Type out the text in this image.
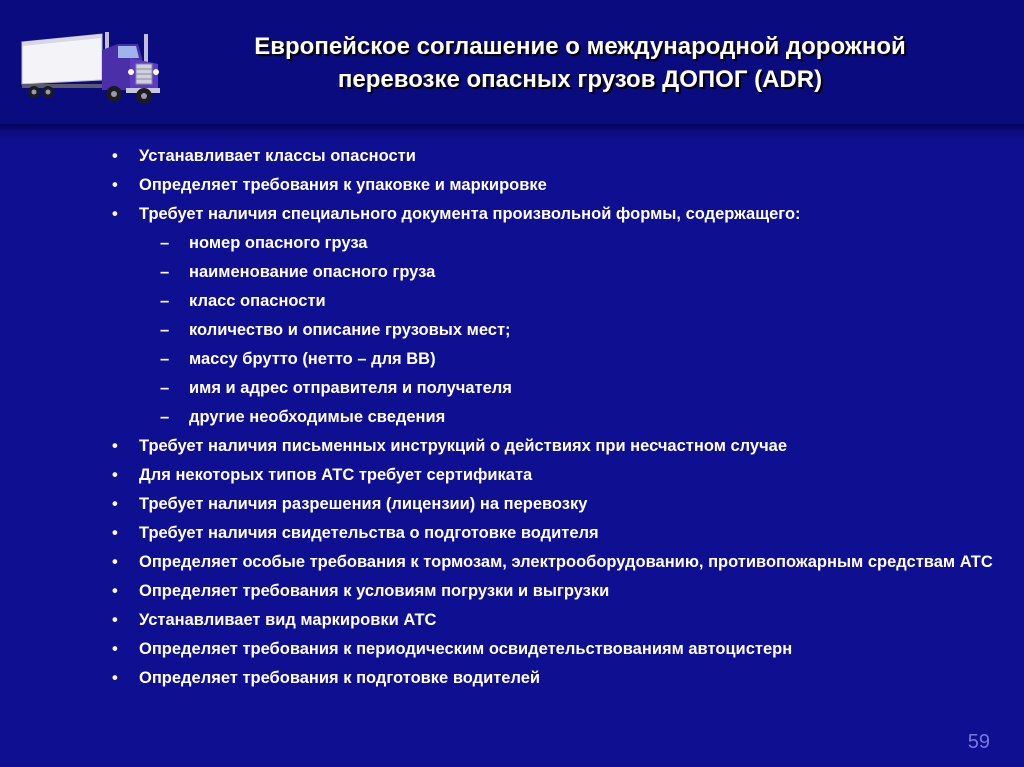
Европейское соглашение о международной дорожной
перевозке опасных грузов ДОПОГ (ADR)
• Устанавливает классы опасности
• Определяет требования к упаковке и маркировке
• Требует наличия специального документа произвольной формы, содержащего:
– номер опасного груза
– наименование опасного груза
– класс опасности
– количество и описание грузовых мест;
– массу брутто (нетто – для ВВ)
– имя и адрес отправителя и получателя
– другие необходимые сведения
• Требует наличия письменных инструкций о действиях при несчастном случае
• Для некоторых типов АТС требует сертификата
• Требует наличия разрешения (лицензии) на перевозку
• Требует наличия свидетельства о подготовке водителя
• Определяет особые требования к тормозам, электрооборудованию, противопожарным средствам АТС
• Определяет требования к условиям погрузки и выгрузки
• Устанавливает вид маркировки АТС
• Определяет требования к периодическим освидетельствованиям автоцистерн
• Определяет требования к подготовке водителей
59
